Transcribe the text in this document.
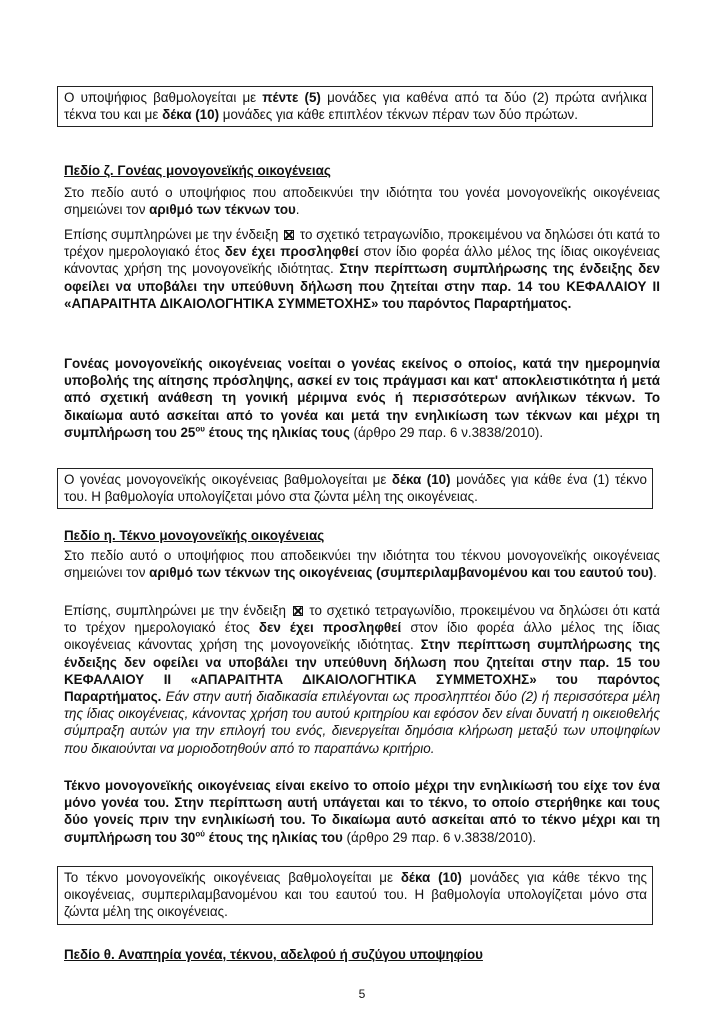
Ο υποψήφιος βαθμολογείται με πέντε (5) μονάδες για καθένα από τα δύο (2) πρώτα ανήλικα τέκνα του και με δέκα (10) μονάδες για κάθε επιπλέον τέκνων πέραν των δύο πρώτων.

Πεδίο ζ. Γονέας μονογονεϊκής οικογένειας

Στο πεδίο αυτό ο υποψήφιος που αποδεικνύει την ιδιότητα του γονέα μονογονεϊκής οικογένειας σημειώνει τον αριθμό των τέκνων του.

Επίσης συμπληρώνει με την ένδειξη  το σχετικό τετραγωνίδιο, προκειμένου να δηλώσει ότι κατά το τρέχον ημερολογιακό έτος δεν έχει προσληφθεί στον ίδιο φορέα άλλο μέλος της ίδιας οικογένειας κάνοντας χρήση της μονογονεϊκής ιδιότητας. Στην περίπτωση συμπλήρωσης της ένδειξης δεν οφείλει να υποβάλει την υπεύθυνη δήλωση που ζητείται στην παρ. 14 του ΚΕΦΑΛΑΙΟΥ ΙΙ «ΑΠΑΡΑΙΤΗΤΑ ΔΙΚΑΙΟΛΟΓΗΤΙΚΑ ΣΥΜΜΕΤΟΧΗΣ» του παρόντος Παραρτήματος.

Γονέας μονογονεϊκής οικογένειας νοείται ο γονέας εκείνος ο οποίος, κατά την ημερομηνία υποβολής της αίτησης πρόσληψης, ασκεί εν τοις πράγμασι και κατ' αποκλειστικότητα ή μετά από σχετική ανάθεση τη γονική μέριμνα ενός ή περισσότερων ανήλικων τέκνων. Το δικαίωμα αυτό ασκείται από το γονέα και μετά την ενηλικίωση των τέκνων και μέχρι τη συμπλήρωση του $25^{o\upsilon}$ έτους της ηλικίας τους (άρθρο 29 παρ. 6 ν.3838/2010).

Ο γονέας μονογονεϊκής οικογένειας βαθμολογείται με δέκα (10) μονάδες για κάθε ένα (1) τέκνο του. Η βαθμολογία υπολογίζεται μόνο στα ζώντα μέλη της οικογένειας.

Πεδίο η. Τέκνο μονογονεϊκής οικογένειας

Στο πεδίο αυτό ο υποψήφιος που αποδεικνύει την ιδιότητα του τέκνου μονογονεϊκής οικογένειας σημειώνει τον αριθμό των τέκνων της οικογένειας (συμπεριλαμβανομένου και του εαυτού του).

Επίσης, συμπληρώνει με την ένδειξη  το σχετικό τετραγωνίδιο, προκειμένου να δηλώσει ότι κατά το τρέχον ημερολογιακό έτος δεν έχει προσληφθεί στον ίδιο φορέα άλλο μέλος της ίδιας οικογένειας κάνοντας χρήση της μονογονεϊκής ιδιότητας. Στην περίπτωση συμπλήρωσης της ένδειξης δεν οφείλει να υποβάλει την υπεύθυνη δήλωση που ζητείται στην παρ. 15 του ΚΕΦΑΛΑΙΟΥ ΙΙ «ΑΠΑΡΑΙΤΗΤΑ ΔΙΚΑΙΟΛΟΓΗΤΙΚΑ ΣΥΜΜΕΤΟΧΗΣ» του παρόντος Παραρτήματος. Εάν στην αυτή διαδικασία επιλέγονται ως προσληπτέοι δύο (2) ή περισσότερα μέλη της ίδιας οικογένειας, κάνοντας χρήση του αυτού κριτηρίου και εφόσον δεν είναι δυνατή η οικειοθελής σύμπραξη αυτών για την επιλογή του ενός, διενεργείται δημόσια κλήρωση μεταξύ των υποψηφίων που δικαιούνται να μοριοδοτηθούν από το παραπάνω κριτήριο.

Τέκνο μονογονεϊκής οικογένειας είναι εκείνο το οποίο μέχρι την ενηλικίωσή του είχε τον ένα μόνο γονέα του. Στην περίπτωση αυτή υπάγεται και το τέκνο, το οποίο στερήθηκε και τους δύο γονείς πριν την ενηλικίωσή του. Το δικαίωμα αυτό ασκείται από το τέκνο μέχρι και τη συμπλήρωση του $30^{oύ}$ έτους της ηλικίας του (άρθρο 29 παρ. 6 ν.3838/2010).

Το τέκνο μονογονεϊκής οικογένειας βαθμολογείται με δέκα (10) μονάδες για κάθε τέκνο της οικογένειας, συμπεριλαμβανομένου και του εαυτού του. Η βαθμολογία υπολογίζεται μόνο στα ζώντα μέλη της οικογένειας.

Πεδίο θ. Αναπηρία γονέα, τέκνου, αδελφού ή συζύγου υποψηφίου
5
